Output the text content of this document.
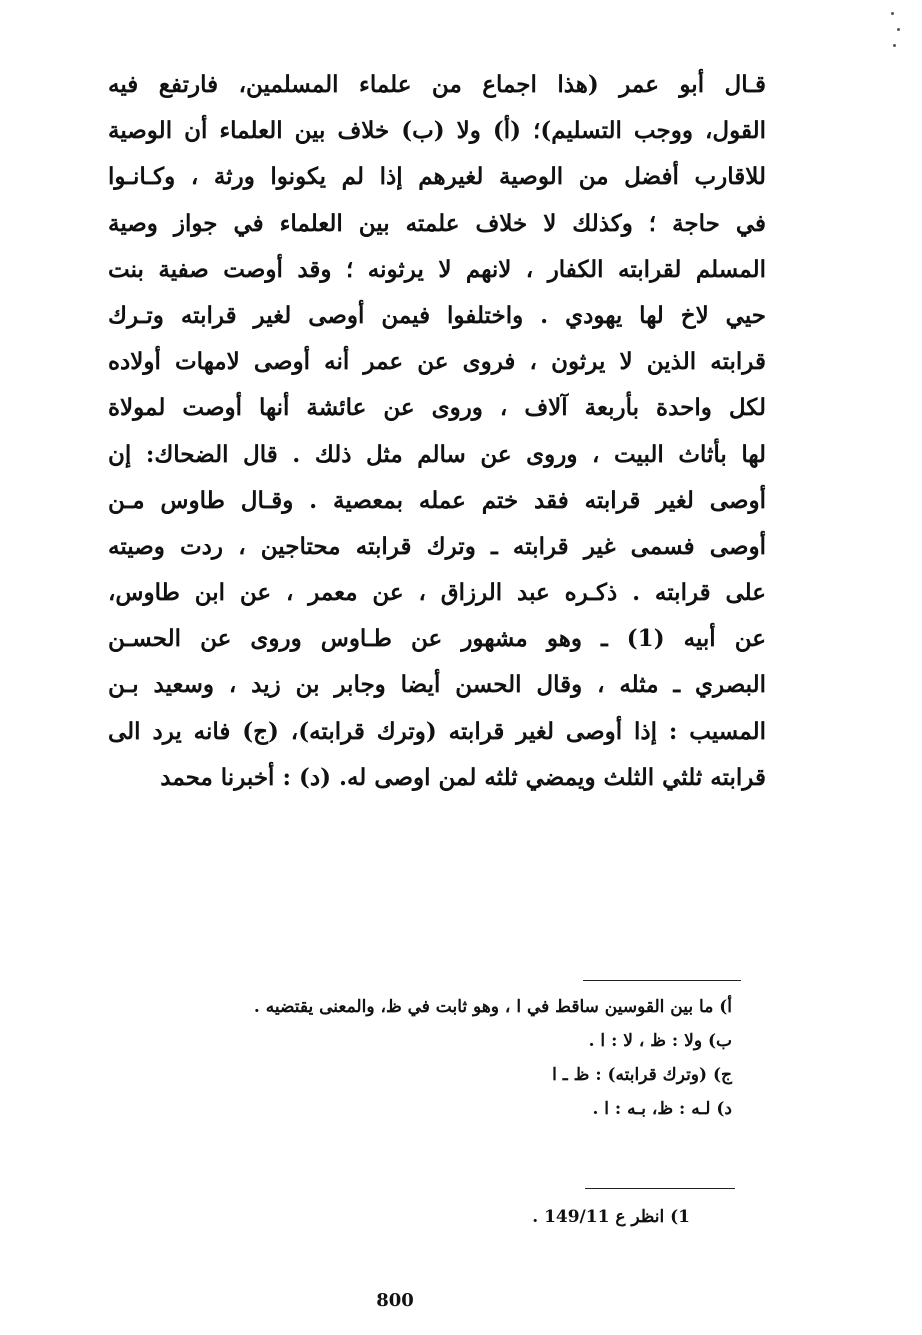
قـال أبو عمر (هذا اجماع من علماء المسلمين، فارتفع فيه
القول، ووجب التسليم)؛ (أ) ولا (ب) خلاف بين العلماء أن الوصية
للاقارب أفضل من الوصية لغيرهم إذا لم يكونوا ورثة ، وكـانـوا
في حاجة ؛ وكذلك لا خلاف علمته بين العلماء في جواز وصية
المسلم لقرابته الكفار ، لانهم لا يرثونه ؛ وقد أوصت صفية بنت
حيي لاخ لها يهودي . واختلفوا فيمن أوصى لغير قرابته وتـرك
قرابته الذين لا يرثون ، فروى عن عمر أنه أوصى لامهات أولاده
لكل واحدة بأربعة آلاف ، وروى عن عائشة أنها أوصت لمولاة
لها بأثاث البيت ، وروى عن سالم مثل ذلك . قال الضحاك: إن
أوصى لغير قرابته فقد ختم عمله بمعصية . وقـال طاوس مـن
أوصى فسمى غير قرابته ـ وترك قرابته محتاجين ، ردت وصيته
على قرابته . ذكـره عبد الرزاق ، عن معمر ، عن ابن طاوس،
عن أبيه (1) ـ وهو مشهور عن طـاوس وروى عن الحسـن
البصري ـ مثله ، وقال الحسن أيضا وجابر بن زيد ، وسعيد بـن
المسيب : إذا أوصى لغير قرابته (وترك قرابته)، (ج) فانه يرد الى
قرابته ثلثي الثلث ويمضي ثلثه لمن اوصى له. (د) : أخبرنا محمد
أ) ما بين القوسين ساقط في ا ، وهو ثابت في ظ، والمعنى يقتضيه .
ب) ولا : ظ ، لا : ا .
ج) (وترك قرابته) : ظ ـ ا
د) لـه : ظ، بـه : ا .
1) انظر ع 149/11 .
800
